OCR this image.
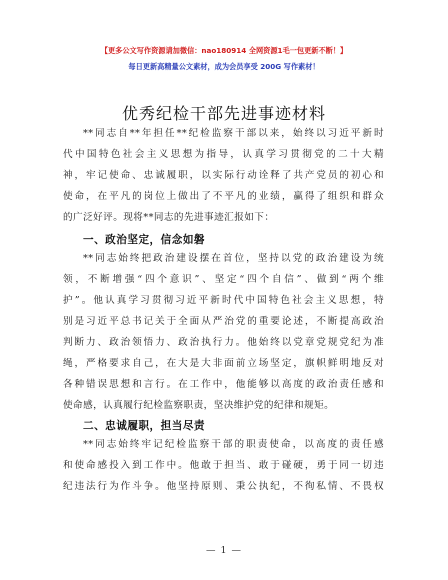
【更多公文写作资源请加微信：nao180914 全网资源1毛一包更新不断！】
每日更新高精量公文素材，成为会员享受 200G 写作素材！
优秀纪检干部先进事迹材料
**同志自**年担任**纪检监察干部以来，始终以习近平新时
代中国特色社会主义思想为指导，认真学习贯彻党的二十大精
神，牢记使命、忠诚履职，以实际行动诠释了共产党员的初心和
使命，在平凡的岗位上做出了不平凡的业绩，赢得了组织和群众
的广泛好评。现将**同志的先进事迹汇报如下：
一、政治坚定，信念如磐
**同志始终把政治建设摆在首位，坚持以党的政治建设为统
领，不断增强“四个意识”、坚定“四个自信”、做到“两个维
护”。他认真学习贯彻习近平新时代中国特色社会主义思想，特
别是习近平总书记关于全面从严治党的重要论述，不断提高政治
判断力、政治领悟力、政治执行力。他始终以党章党规党纪为准
绳，严格要求自己，在大是大非面前立场坚定，旗帜鲜明地反对
各种错误思想和言行。在工作中，他能够以高度的政治责任感和
使命感，认真履行纪检监察职责，坚决维护党的纪律和规矩。
二、忠诚履职，担当尽责
**同志始终牢记纪检监察干部的职责使命，以高度的责任感
和使命感投入到工作中。他敢于担当、敢于碰硬，勇于同一切违
纪违法行为作斗争。他坚持原则、秉公执纪，不徇私情、不畏权
— 1 —
